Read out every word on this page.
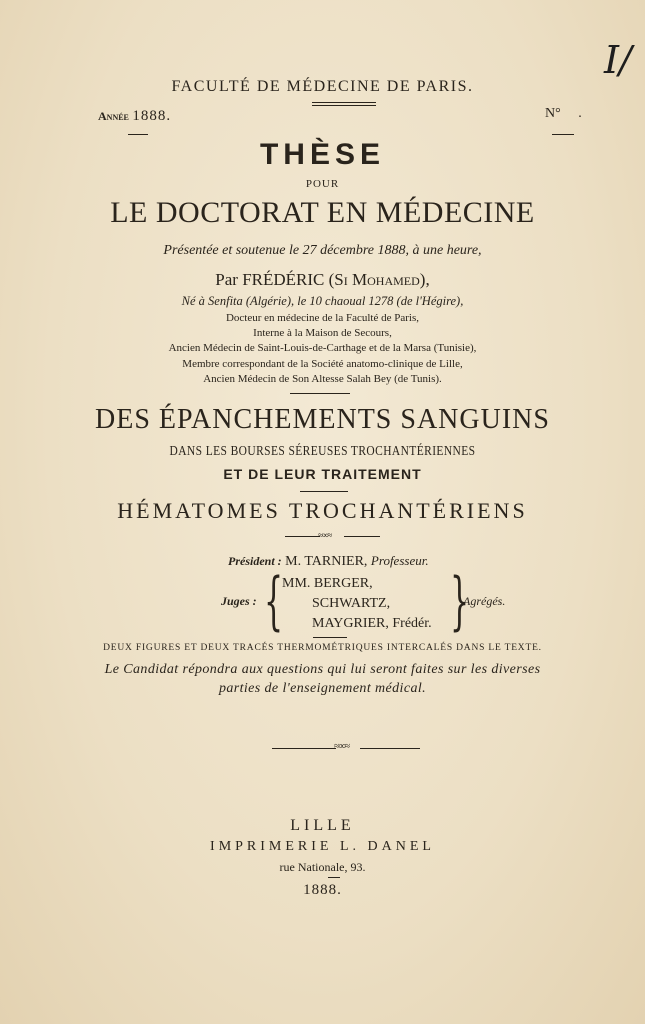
I/
FACULTÉ DE MÉDECINE DE PARIS.
Année 1888.	N° .
THÈSE
POUR
LE DOCTORAT EN MÉDECINE
Présentée et soutenue le 27 décembre 1888, à une heure,
Par FRÉDÉRIC (Si Mohamed),
Né à Senfita (Algérie), le 10 chaoual 1278 (de l'Hégire),
Docteur en médecine de la Faculté de Paris,
Interne à la Maison de Secours,
Ancien Médecin de Saint-Louis-de-Carthage et de la Marsa (Tunisie),
Membre correspondant de la Société anatomo-clinique de Lille,
Ancien Médecin de Son Altesse Salah Bey (de Tunis).
DES ÉPANCHEMENTS SANGUINS
DANS LES BOURSES SÉREUSES TROCHANTÉRIENNES
ET DE LEUR TRAITEMENT
HÉMATOMES TROCHANTÉRIENS
≈∞≈
Président : M. TARNIER, Professeur.
Juges : {
MM. BERGER,
SCHWARTZ,
MAYGRIER, Frédér. }
Agrégés.
DEUX FIGURES ET DEUX TRACÉS THERMOMÉTRIQUES INTERCALÉS DANS LE TEXTE.
Le Candidat répondra aux questions qui lui seront faites sur les diverses
parties de l'enseignement médical.
≈∞≈
LILLE
IMPRIMERIE L. DANEL
rue Nationale, 93.
1888.
